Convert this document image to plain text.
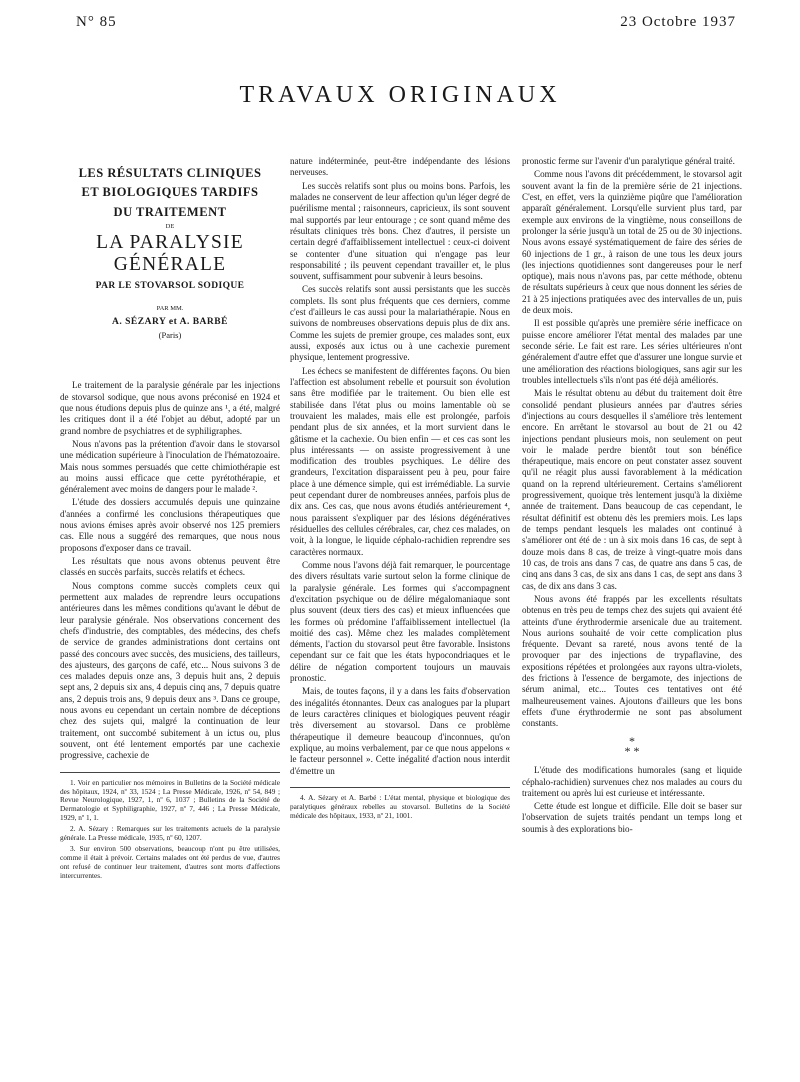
N° 85	23 Octobre 1937
TRAVAUX ORIGINAUX
LES RÉSULTATS CLINIQUES
ET BIOLOGIQUES TARDIFS
DU TRAITEMENT
DE
LA PARALYSIE GÉNÉRALE
PAR LE STOVARSOL SODIQUE
PAR MM.
A. SÉZARY et A. BARBÉ
(Paris)

Le traitement de la paralysie générale par les injections de stovarsol sodique, que nous avons préconisé en 1924 et que nous étudions depuis plus de quinze ans ¹, a été, malgré les critiques dont il a été l'objet au début, adopté par un grand nombre de psychiatres et de syphiligraphes.

Nous n'avons pas la prétention d'avoir dans le stovarsol une médication supérieure à l'inoculation de l'hématozoaire. Mais nous sommes persuadés que cette chimiothérapie est au moins aussi efficace que cette pyrétothérapie, et généralement avec moins de dangers pour le malade ².

L'étude des dossiers accumulés depuis une quinzaine d'années a confirmé les conclusions thérapeutiques que nous avions émises après avoir observé nos 125 premiers cas. Elle nous a suggéré des remarques, que nous nous proposons d'exposer dans ce travail.

Les résultats que nous avons obtenus peuvent être classés en succès parfaits, succès relatifs et échecs.

Nous comptons comme succès complets ceux qui permettent aux malades de reprendre leurs occupations antérieures dans les mêmes conditions qu'avant le début de leur paralysie générale. Nos observations concernent des chefs d'industrie, des comptables, des médecins, des chefs de service de grandes administrations dont certains ont passé des concours avec succès, des musiciens, des tailleurs, des ajusteurs, des garçons de café, etc... Nous suivons 3 de ces malades depuis onze ans, 3 depuis huit ans, 2 depuis sept ans, 2 depuis six ans, 4 depuis cinq ans, 7 depuis quatre ans, 2 depuis trois ans, 9 depuis deux ans ³. Dans ce groupe, nous avons eu cependant un certain nombre de déceptions chez des sujets qui, malgré la continuation de leur traitement, ont succombé subitement à un ictus ou, plus souvent, ont été lentement emportés par une cachexie progressive, cachexie de

1. Voir en particulier nos mémoires in Bulletins de la Société médicale des hôpitaux, 1924, nº 33, 1524 ; La Presse Médicale, 1926, nº 54, 849 ; Revue Neurologique, 1927, 1, nº 6, 1037 ; Bulletins de la Société de Dermatologie et Syphiligraphie, 1927, nº 7, 446 ; La Presse Médicale, 1929, nº 1, 1.

2. A. Sézary : Remarques sur les traitements actuels de la paralysie générale. La Presse médicale, 1935, nº 60, 1207.

3. Sur environ 500 observations, beaucoup n'ont pu être utilisées, comme il était à prévoir. Certains malades ont été perdus de vue, d'autres ont refusé de continuer leur traitement, d'autres sont morts d'affections intercurrentes.

nature indéterminée, peut-être indépendante des lésions nerveuses.

Les succès relatifs sont plus ou moins bons. Parfois, les malades ne conservent de leur affection qu'un léger degré de puérilisme mental ; raisonneurs, capricieux, ils sont souvent mal supportés par leur entourage ; ce sont quand même des résultats cliniques très bons. Chez d'autres, il persiste un certain degré d'affaiblissement intellectuel : ceux-ci doivent se contenter d'une situation qui n'engage pas leur responsabilité ; ils peuvent cependant travailler et, le plus souvent, suffisamment pour subvenir à leurs besoins.

Ces succès relatifs sont aussi persistants que les succès complets. Ils sont plus fréquents que ces derniers, comme c'est d'ailleurs le cas aussi pour la malariathérapie. Nous en suivons de nombreuses observations depuis plus de dix ans. Comme les sujets de premier groupe, ces malades sont, eux aussi, exposés aux ictus ou à une cachexie purement physique, lentement progressive.

Les échecs se manifestent de différentes façons. Ou bien l'affection est absolument rebelle et poursuit son évolution sans être modifiée par le traitement. Ou bien elle est stabilisée dans l'état plus ou moins lamentable où se trouvaient les malades, mais elle est prolongée, parfois pendant plus de six années, et la mort survient dans le gâtisme et la cachexie. Ou bien enfin — et ces cas sont les plus intéressants — on assiste progressivement à une modification des troubles psychiques. Le délire des grandeurs, l'excitation disparaissent peu à peu, pour faire place à une démence simple, qui est irrémédiable. La survie peut cependant durer de nombreuses années, parfois plus de dix ans. Ces cas, que nous avons étudiés antérieurement ⁴, nous paraissent s'expliquer par des lésions dégénératives résiduelles des cellules cérébrales, car, chez ces malades, on voit, à la longue, le liquide céphalo-rachidien reprendre ses caractères normaux.

Comme nous l'avons déjà fait remarquer, le pourcentage des divers résultats varie surtout selon la forme clinique de la paralysie générale. Les formes qui s'accompagnent d'excitation psychique ou de délire mégalomaniaque sont plus souvent (deux tiers des cas) et mieux influencées que les formes où prédomine l'affaiblissement intellectuel (la moitié des cas). Même chez les malades complètement déments, l'action du stovarsol peut être favorable. Insistons cependant sur ce fait que les états hypocondriaques et le délire de négation comportent toujours un mauvais pronostic.

Mais, de toutes façons, il y a dans les faits d'observation des inégalités étonnantes. Deux cas analogues par la plupart de leurs caractères cliniques et biologiques peuvent réagir très diversement au stovarsol. Dans ce problème thérapeutique il demeure beaucoup d'inconnues, qu'on explique, au moins verbalement, par ce que nous appelons « le facteur personnel ». Cette inégalité d'action nous interdit d'émettre un

4. A. Sézary et A. Barbé : L'état mental, physique et biologique des paralytiques généraux rebelles au stovarsol. Bulletins de la Société médicale des hôpitaux, 1933, nº 21, 1001.

pronostic ferme sur l'avenir d'un paralytique général traité.

Comme nous l'avons dit précédemment, le stovarsol agit souvent avant la fin de la première série de 21 injections. C'est, en effet, vers la quinzième piqûre que l'amélioration apparaît généralement. Lorsqu'elle survient plus tard, par exemple aux environs de la vingtième, nous conseillons de prolonger la série jusqu'à un total de 25 ou de 30 injections. Nous avons essayé systématiquement de faire des séries de 60 injections de 1 gr., à raison de une tous les deux jours (les injections quotidiennes sont dangereuses pour le nerf optique), mais nous n'avons pas, par cette méthode, obtenu de résultats supérieurs à ceux que nous donnent les séries de 21 à 25 injections pratiquées avec des intervalles de un, puis de deux mois.

Il est possible qu'après une première série inefficace on puisse encore améliorer l'état mental des malades par une seconde série. Le fait est rare. Les séries ultérieures n'ont généralement d'autre effet que d'assurer une longue survie et une amélioration des réactions biologiques, sans agir sur les troubles intellectuels s'ils n'ont pas été déjà améliorés.

Mais le résultat obtenu au début du traitement doit être consolidé pendant plusieurs années par d'autres séries d'injections au cours desquelles il s'améliore très lentement encore. En arrêtant le stovarsol au bout de 21 ou 42 injections pendant plusieurs mois, non seulement on peut voir le malade perdre bientôt tout son bénéfice thérapeutique, mais encore on peut constater assez souvent qu'il ne réagit plus aussi favorablement à la médication quand on la reprend ultérieurement. Certains s'améliorent progressivement, quoique très lentement jusqu'à la dixième année de traitement. Dans beaucoup de cas cependant, le résultat définitif est obtenu dès les premiers mois. Les laps de temps pendant lesquels les malades ont continué à s'améliorer ont été de : un à six mois dans 16 cas, de sept à douze mois dans 8 cas, de treize à vingt-quatre mois dans 10 cas, de trois ans dans 7 cas, de quatre ans dans 5 cas, de cinq ans dans 3 cas, de six ans dans 1 cas, de sept ans dans 3 cas, de dix ans dans 3 cas.

Nous avons été frappés par les excellents résultats obtenus en très peu de temps chez des sujets qui avaient été atteints d'une érythrodermie arsenicale due au traitement. Nous aurions souhaité de voir cette complication plus fréquente. Devant sa rareté, nous avons tenté de la provoquer par des injections de trypaflavine, des expositions répétées et prolongées aux rayons ultra-violets, des frictions à l'essence de bergamote, des injections de sérum animal, etc... Toutes ces tentatives ont été malheureusement vaines. Ajoutons d'ailleurs que les bons effets d'une érythrodermie ne sont pas absolument constants.

*
* *

L'étude des modifications humorales (sang et liquide céphalo-rachidien) survenues chez nos malades au cours du traitement ou après lui est curieuse et intéressante.

Cette étude est longue et difficile. Elle doit se baser sur l'observation de sujets traités pendant un temps long et soumis à des explorations bio-
